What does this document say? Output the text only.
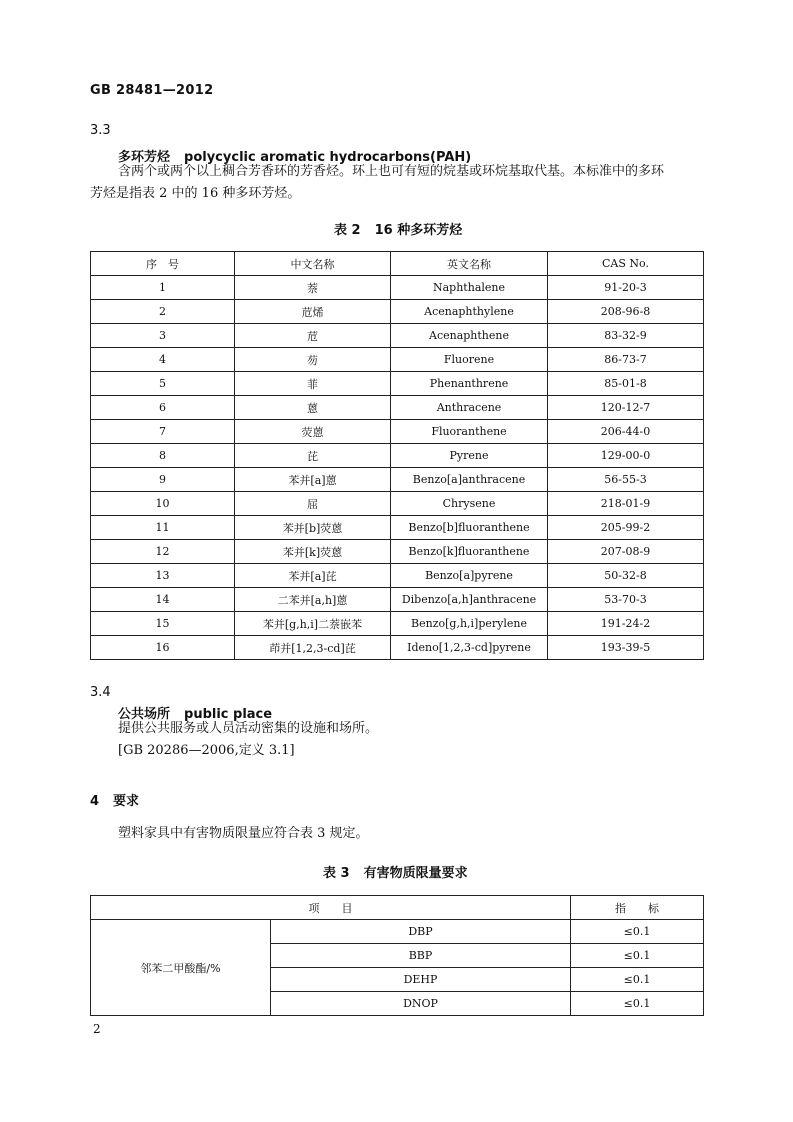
GB 28481—2012
3.3
多环芳烃 polycyclic aromatic hydrocarbons(PAH)
含两个或两个以上稠合芳香环的芳香烃。环上也可有短的烷基或环烷基取代基。本标准中的多环
芳烃是指表 2 中的 16 种多环芳烃。
表 2 16 种多环芳烃
序　号	中文名称	英文名称	CAS No.
1	萘	Naphthalene	91-20-3
2	苊烯	Acenaphthylene	208-96-8
3	苊	Acenaphthene	83-32-9
4	芴	Fluorene	86-73-7
5	菲	Phenanthrene	85-01-8
6	蒽	Anthracene	120-12-7
7	荧蒽	Fluoranthene	206-44-0
8	芘	Pyrene	129-00-0
9	苯并[a]蒽	Benzo[a]anthracene	56-55-3
10	屈	Chrysene	218-01-9
11	苯并[b]荧蒽	Benzo[b]fluoranthene	205-99-2
12	苯并[k]荧蒽	Benzo[k]fluoranthene	207-08-9
13	苯并[a]芘	Benzo[a]pyrene	50-32-8
14	二苯并[a,h]蒽	Dibenzo[a,h]anthracene	53-70-3
15	苯并[g,h,i]二萘嵌苯	Benzo[g,h,i]perylene	191-24-2
16	茚并[1,2,3-cd]芘	Ideno[1,2,3-cd]pyrene	193-39-5
3.4
公共场所 public place
提供公共服务或人员活动密集的设施和场所。
[GB 20286—2006,定义 3.1]
4 要求
塑料家具中有害物质限量应符合表 3 规定。
表 3 有害物质限量要求
项　　目		指　　标
邻苯二甲酸酯/%	DBP	≤0.1
	BBP	≤0.1
	DEHP	≤0.1
	DNOP	≤0.1
2
